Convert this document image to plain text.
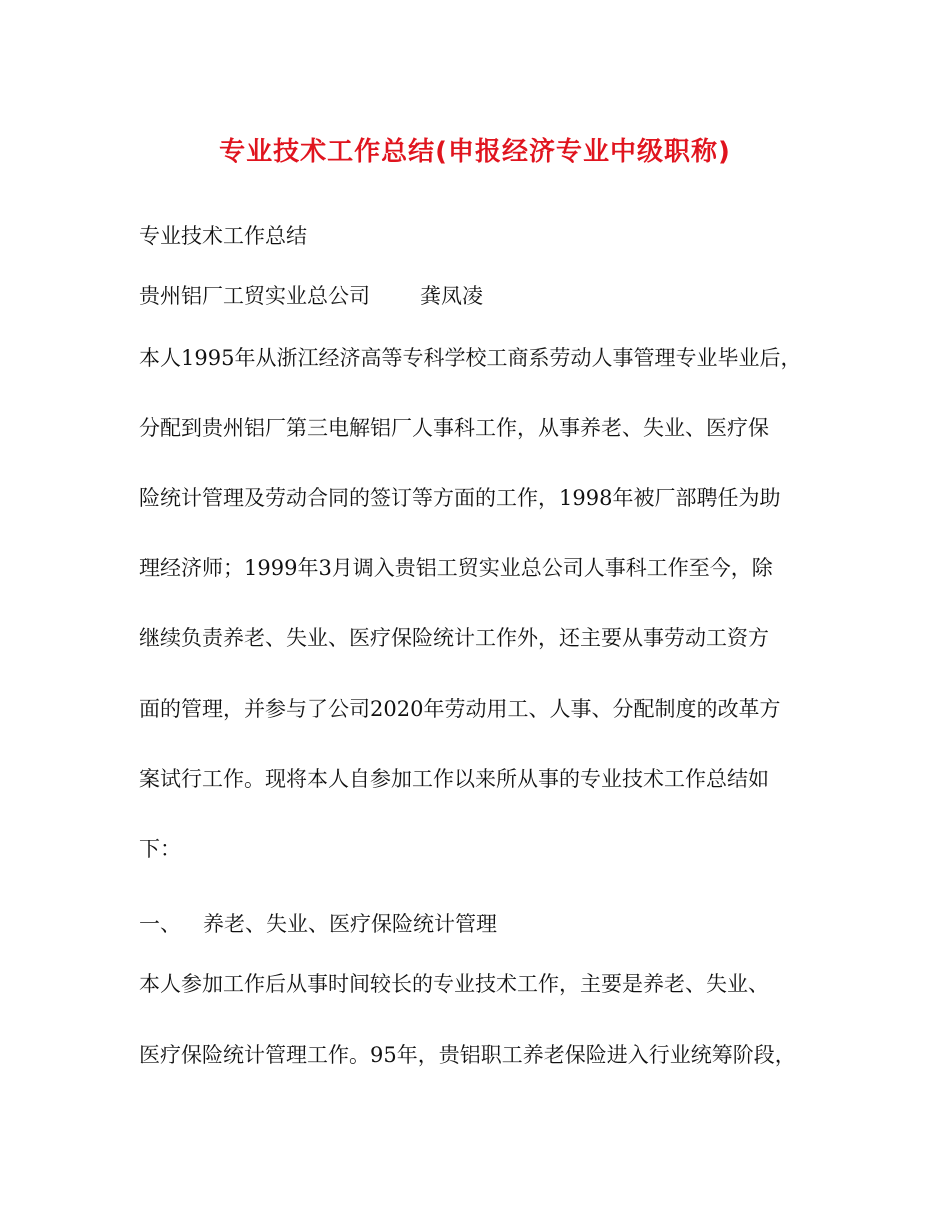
专业技术工作总结(申报经济专业中级职称)
专业技术工作总结
贵州铝厂工贸实业总公司 龚凤凌
本人1995年从浙江经济高等专科学校工商系劳动人事管理专业毕业后，
分配到贵州铝厂第三电解铝厂人事科工作，从事养老、失业、医疗保
险统计管理及劳动合同的签订等方面的工作，1998年被厂部聘任为助
理经济师；1999年3月调入贵铝工贸实业总公司人事科工作至今，除
继续负责养老、失业、医疗保险统计工作外，还主要从事劳动工资方
面的管理，并参与了公司2020年劳动用工、人事、分配制度的改革方
案试行工作。现将本人自参加工作以来所从事的专业技术工作总结如
下：
一、 养老、失业、医疗保险统计管理
本人参加工作后从事时间较长的专业技术工作，主要是养老、失业、
医疗保险统计管理工作。95年，贵铝职工养老保险进入行业统筹阶段，
